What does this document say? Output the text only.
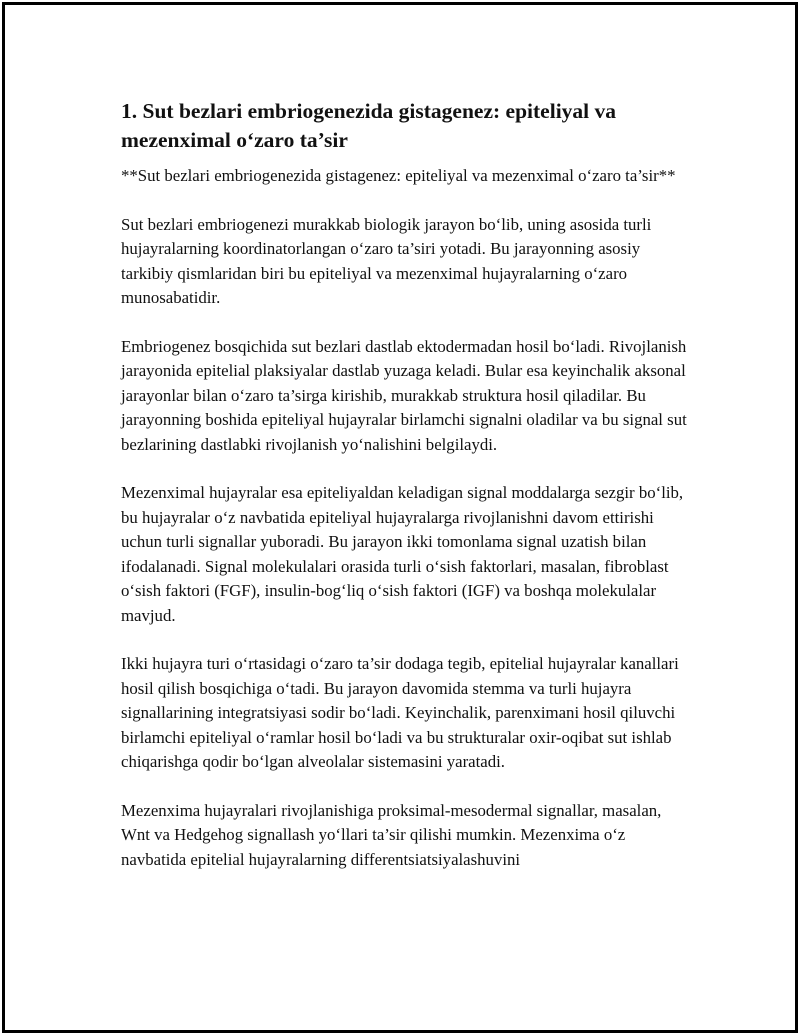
1. Sut bezlari embriogenezida gistagenez: epiteliyal va mezenximal o‘zaro ta’sir

**Sut bezlari embriogenezida gistagenez: epiteliyal va mezenximal o‘zaro ta’sir**

Sut bezlari embriogenezi murakkab biologik jarayon bo‘lib, uning asosida turli hujayralarning koordinatorlangan o‘zaro ta’siri yotadi. Bu jarayonning asosiy tarkibiy qismlaridan biri bu epiteliyal va mezenximal hujayralarning o‘zaro munosabatidir.

Embriogenez bosqichida sut bezlari dastlab ektodermadan hosil bo‘ladi. Rivojlanish jarayonida epitelial plaksiyalar dastlab yuzaga keladi. Bular esa keyinchalik aksonal jarayonlar bilan o‘zaro ta’sirga kirishib, murakkab struktura hosil qiladilar. Bu jarayonning boshida epiteliyal hujayralar birlamchi signalni oladilar va bu signal sut bezlarining dastlabki rivojlanish yo‘nalishini belgilaydi.

Mezenximal hujayralar esa epiteliyaldan keladigan signal moddalarga sezgir bo‘lib, bu hujayralar o‘z navbatida epiteliyal hujayralarga rivojlanishni davom ettirishi uchun turli signallar yuboradi. Bu jarayon ikki tomonlama signal uzatish bilan ifodalanadi. Signal molekulalari orasida turli o‘sish faktorlari, masalan, fibroblast o‘sish faktori (FGF), insulin-bog‘liq o‘sish faktori (IGF) va boshqa molekulalar mavjud.

Ikki hujayra turi o‘rtasidagi o‘zaro ta’sir dodaga tegib, epitelial hujayralar kanallari hosil qilish bosqichiga o‘tadi. Bu jarayon davomida stemma va turli hujayra signallarining integratsiyasi sodir bo‘ladi. Keyinchalik, parenximani hosil qiluvchi birlamchi epiteliyal o‘ramlar hosil bo‘ladi va bu strukturalar oxir-oqibat sut ishlab chiqarishga qodir bo‘lgan alveolalar sistemasini yaratadi.

Mezenxima hujayralari rivojlanishiga proksimal-mesodermal signallar, masalan, Wnt va Hedgehog signallash yo‘llari ta’sir qilishi mumkin. Mezenxima o‘z navbatida epitelial hujayralarning differentsiatsiyalashuvini
